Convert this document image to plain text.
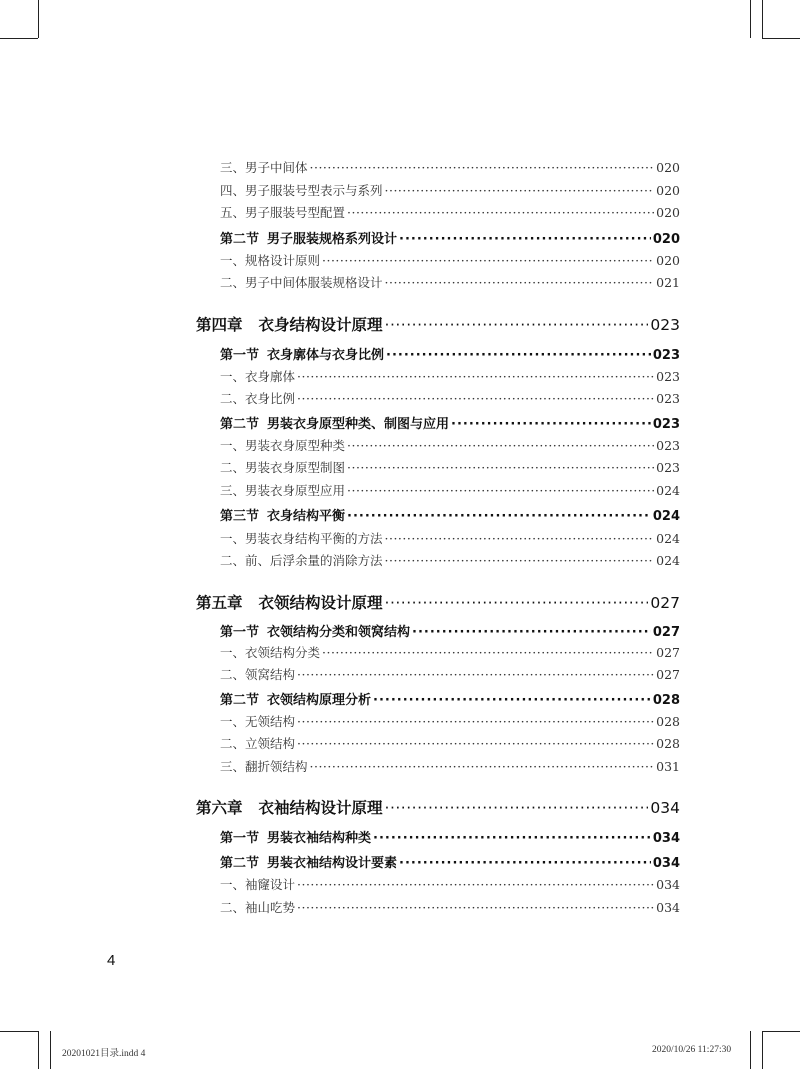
三、男子中间体 ·····	020
四、男子服装号型表示与系列 ·····	020
五、男子服装号型配置 ·····	020
第二节 男子服装规格系列设计 ·····	020
一、规格设计原则 ·····	020
二、男子中间体服装规格设计 ·····	021
第四章 衣身结构设计原理 ·····	023
第一节 衣身廓体与衣身比例 ·····	023
一、衣身廓体 ·····	023
二、衣身比例 ·····	023
第二节 男装衣身原型种类、制图与应用 ·····	023
一、男装衣身原型种类 ·····	023
二、男装衣身原型制图 ·····	023
三、男装衣身原型应用 ·····	024
第三节 衣身结构平衡 ·····	024
一、男装衣身结构平衡的方法 ·····	024
二、前、后浮余量的消除方法 ·····	024
第五章 衣领结构设计原理 ·····	027
第一节 衣领结构分类和领窝结构 ·····	027
一、衣领结构分类 ·····	027
二、领窝结构 ·····	027
第二节 衣领结构原理分析 ·····	028
一、无领结构 ·····	028
二、立领结构 ·····	028
三、翻折领结构 ·····	031
第六章 衣袖结构设计原理 ·····	034
第一节 男装衣袖结构种类 ·····	034
第二节 男装衣袖结构设计要素 ·····	034
一、袖窿设计 ·····	034
二、袖山吃势 ·····	034
4
20201021目录.indd 4	2020/10/26 11:27:30
